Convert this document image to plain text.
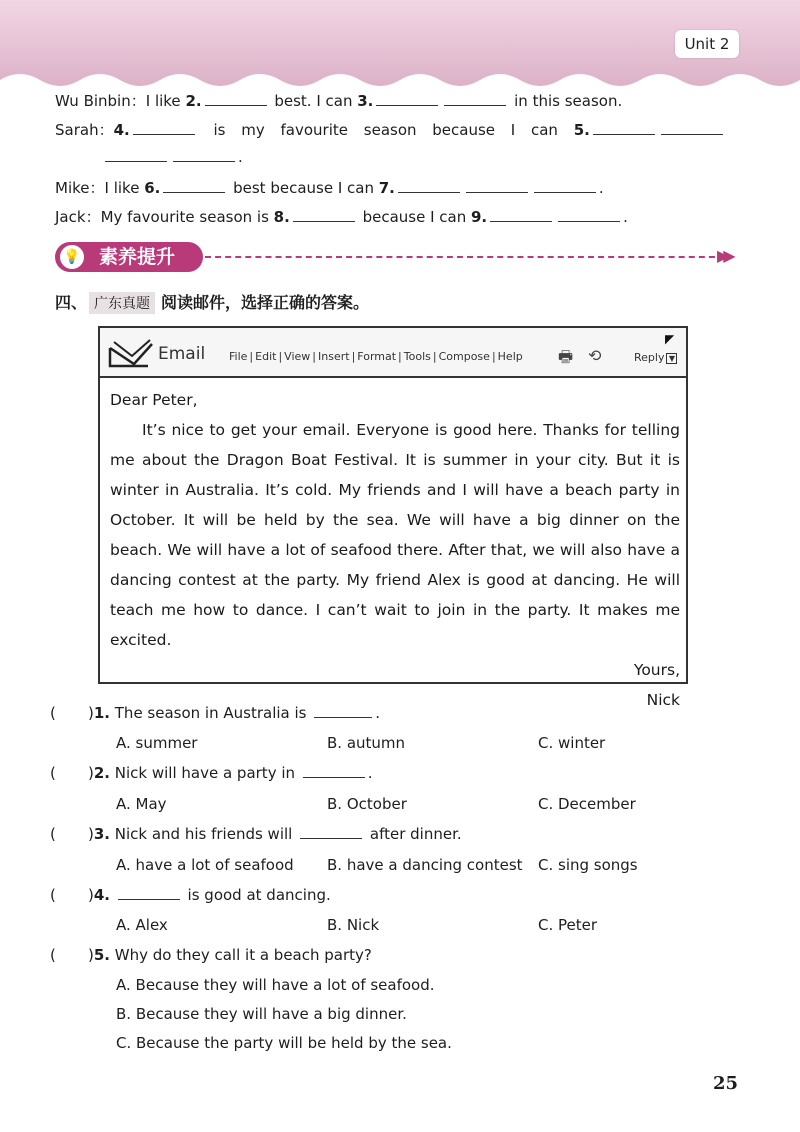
Unit 2
Wu Binbin：I like 2.	best. I can 3.	in this season.
Sarah：4.	is my favourite season because I can 5.
.
Mike：I like 6.	best because I can 7.	.
Jack：My favourite season is 8.	because I can 9.	.
💡 素养提升	▶▶
四、 广东真题 阅读邮件，选择正确的答案。
Email File | Edit | View | Insert | Format | Tools | Compose | Help 🖶 ⟲	Reply ▼
◤

Dear Peter,

It’s nice to get your email. Everyone is good here. Thanks for telling me about the Dragon Boat Festival. It is summer in your city. But it is winter in Australia. It’s cold. My friends and I will have a beach party in October. It will be held by the sea. We will have a big dinner on the beach. We will have a lot of seafood there. After that, we will also have a dancing contest at the party. My friend Alex is good at dancing. He will teach me how to dance. I can’t wait to join in the party. It makes me excited.

Yours,

Nick

( )1. The season in Australia is	.
A. summer	B. autumn	C. winter
( )2. Nick will have a party in	.
A. May	B. October	C. December
( )3. Nick and his friends will	after dinner.
A. have a lot of seafood B. have a dancing contest C. sing songs
( )4.	is good at dancing.
A. Alex	B. Nick	C. Peter
( )5. Why do they call it a beach party?
A. Because they will have a lot of seafood.
B. Because they will have a big dinner.
C. Because the party will be held by the sea.
25
